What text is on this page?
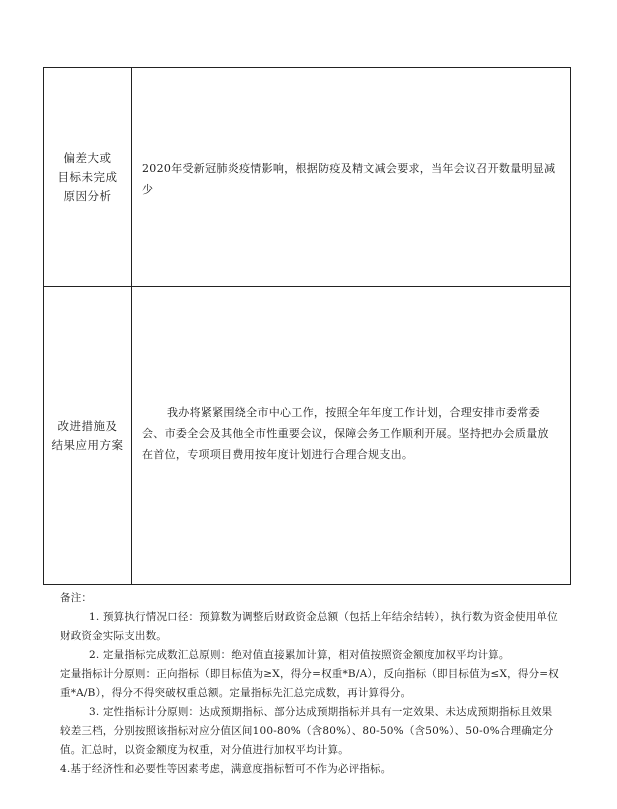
偏差大或
目标未完成
原因分析
2020年受新冠肺炎疫情影响，根据防疫及精文减会要求，当年会议召开数量明显减少
改进措施及
结果应用方案
我办将紧紧围绕全市中心工作，按照全年年度工作计划，合理安排市委常委会、市委全会及其他全市性重要会议，保障会务工作顺利开展。坚持把办会质量放在首位，专项项目费用按年度计划进行合理合规支出。

备注：

1. 预算执行情况口径：预算数为调整后财政资金总额（包括上年结余结转），执行数为资金使用单位财政资金实际支出数。

2. 定量指标完成数汇总原则：绝对值直接累加计算，相对值按照资金额度加权平均计算。

定量指标计分原则：正向指标（即目标值为≥X，得分=权重*B/A），反向指标（即目标值为≤X，得分=权重*A/B），得分不得突破权重总额。定量指标先汇总完成数，再计算得分。

3. 定性指标计分原则：达成预期指标、部分达成预期指标并具有一定效果、未达成预期指标且效果较差三档，分别按照该指标对应分值区间100-80%（含80%）、80-50%（含50%）、50-0%合理确定分值。汇总时，以资金额度为权重，对分值进行加权平均计算。

4.基于经济性和必要性等因素考虑，满意度指标暂可不作为必评指标。
